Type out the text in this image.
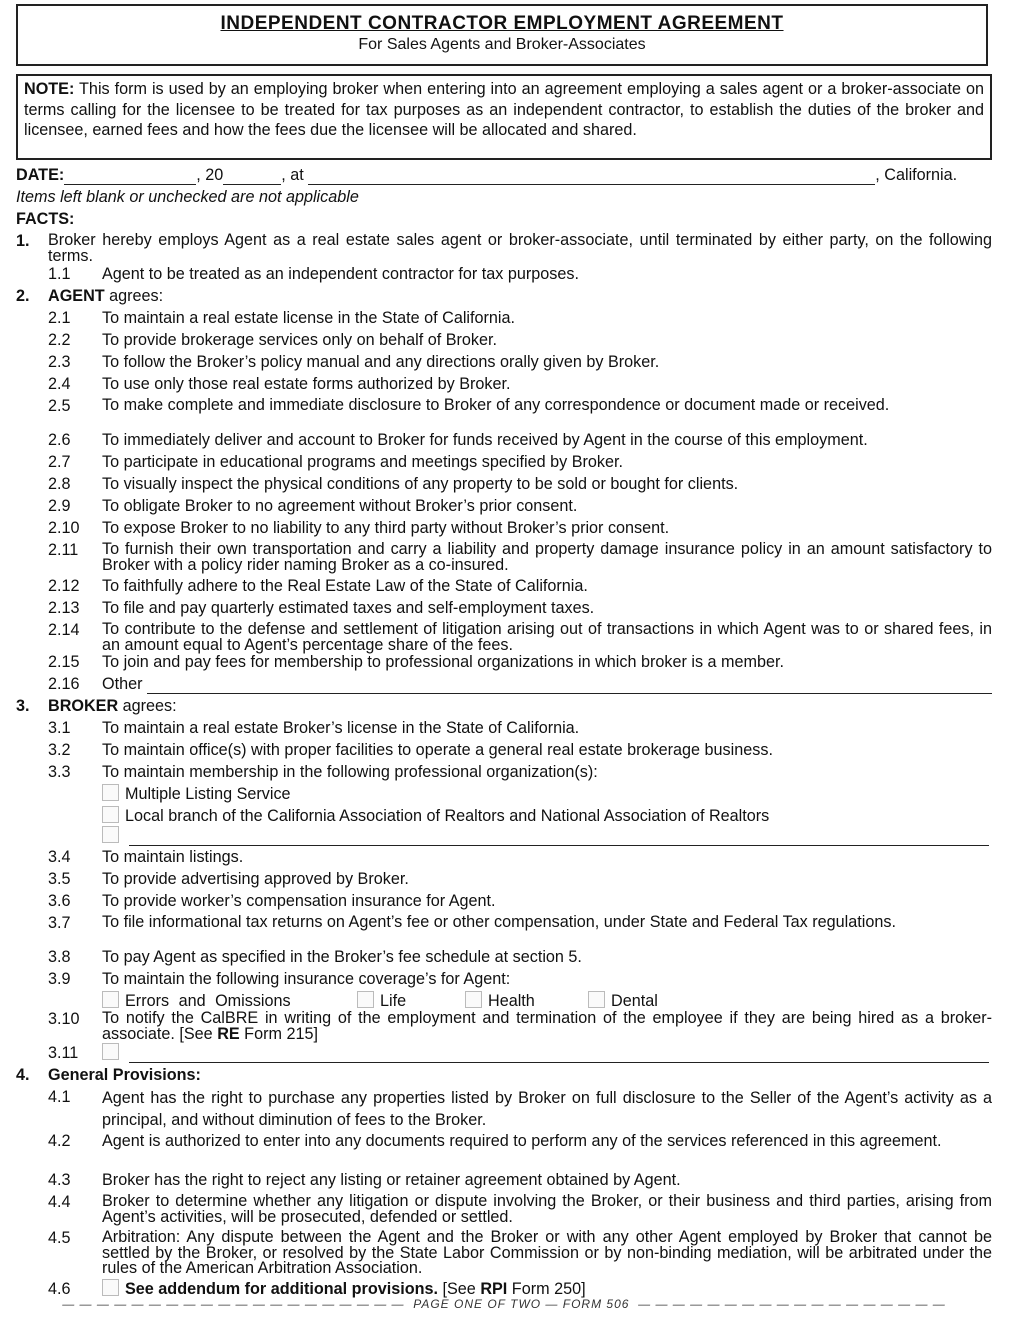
INDEPENDENT CONTRACTOR EMPLOYMENT AGREEMENT
For Sales Agents and Broker-Associates
NOTE: This form is used by an employing broker when entering into an agreement employing a sales agent or a broker-associate on terms calling for the licensee to be treated for tax purposes as an independent contractor, to establish the duties of the broker and licensee, earned fees and how the fees due the licensee will be allocated and shared.
DATE:	, 20	, at	, California.
Items left blank or unchecked are not applicable
FACTS:
1. Broker hereby employs Agent as a real estate sales agent or broker-associate, until terminated by either party, on the following terms.
1.1 Agent to be treated as an independent contractor for tax purposes.
2. AGENT agrees:
2.1 To maintain a real estate license in the State of California.
2.2 To provide brokerage services only on behalf of Broker.
2.3 To follow the Broker’s policy manual and any directions orally given by Broker.
2.4 To use only those real estate forms authorized by Broker.
2.5 To make complete and immediate disclosure to Broker of any correspondence or document made or received.
2.6 To immediately deliver and account to Broker for funds received by Agent in the course of this employment.
2.7 To participate in educational programs and meetings specified by Broker.
2.8 To visually inspect the physical conditions of any property to be sold or bought for clients.
2.9 To obligate Broker to no agreement without Broker’s prior consent.
2.10 To expose Broker to no liability to any third party without Broker’s prior consent.
2.11 To furnish their own transportation and carry a liability and property damage insurance policy in an amount satisfactory to Broker with a policy rider naming Broker as a co-insured.
2.12 To faithfully adhere to the Real Estate Law of the State of California.
2.13 To file and pay quarterly estimated taxes and self-employment taxes.
2.14 To contribute to the defense and settlement of litigation arising out of transactions in which Agent was to or shared fees, in an amount equal to Agent’s percentage share of the fees.
2.15 To join and pay fees for membership to professional organizations in which broker is a member.
2.16 Other
3. BROKER agrees:
3.1 To maintain a real estate Broker’s license in the State of California.
3.2 To maintain office(s) with proper facilities to operate a general real estate brokerage business.
3.3 To maintain membership in the following professional organization(s):
Multiple Listing Service
Local branch of the California Association of Realtors and National Association of Realtors
3.4 To maintain listings.
3.5 To provide advertising approved by Broker.
3.6 To provide worker’s compensation insurance for Agent.
3.7 To file informational tax returns on Agent’s fee or other compensation, under State and Federal Tax regulations.
3.8 To pay Agent as specified in the Broker’s fee schedule at section 5.
3.9 To maintain the following insurance coverage’s for Agent:
Errors and Omissions	Life	Health	Dental
3.10 To notify the CalBRE in writing of the employment and termination of the employee if they are being hired as a broker-associate. [See RE Form 215]
3.11
4. General Provisions:
4.1 Agent has the right to purchase any properties listed by Broker on full disclosure to the Seller of the Agent’s activity as a principal, and without diminution of fees to the Broker.
4.2 Agent is authorized to enter into any documents required to perform any of the services referenced in this agreement.
4.3 Broker has the right to reject any listing or retainer agreement obtained by Agent.
4.4 Broker to determine whether any litigation or dispute involving the Broker, or their business and third parties, arising from Agent’s activities, will be prosecuted, defended or settled.
4.5 Arbitration: Any dispute between the Agent and the Broker or with any other Agent employed by Broker that cannot be settled by the Broker, or resolved by the State Labor Commission or by non-binding mediation, will be arbitrated under the rules of the American Arbitration Association.
4.6	See addendum for additional provisions. [See RPI Form 250]
— — — — — — — — — — — — — — — — — — — —  PAGE ONE OF TWO — FORM 506  — — — — — — — — — — — — — — — — — —
